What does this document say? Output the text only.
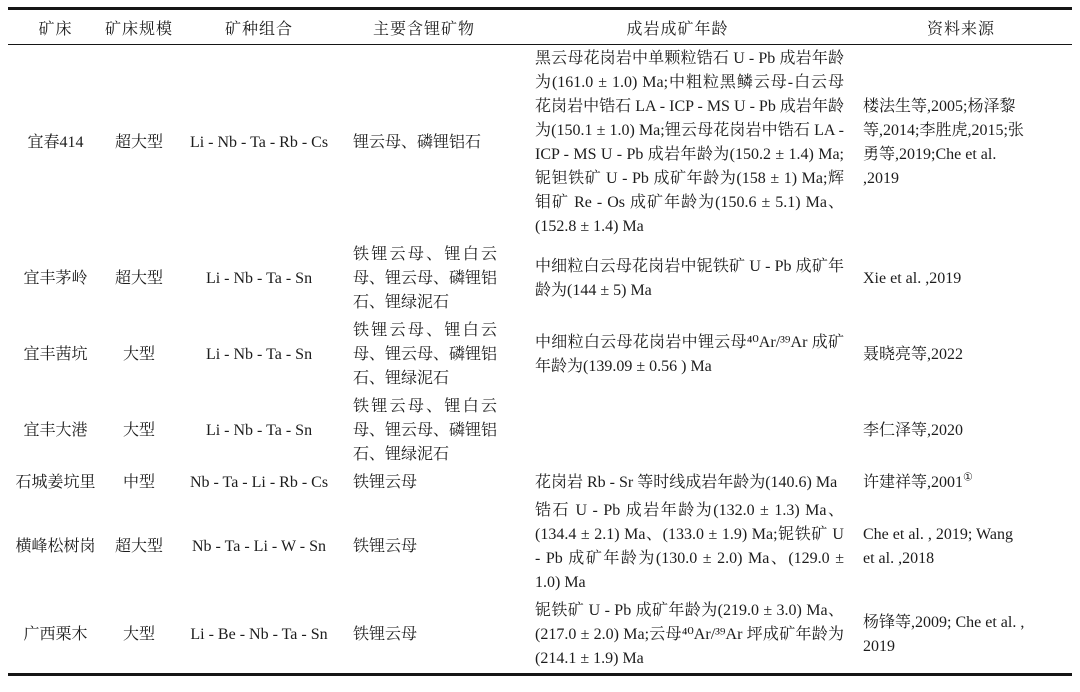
矿床	矿床规模	矿种组合	主要含锂矿物	成岩成矿年龄	资料来源
宜春414	超大型	Li - Nb - Ta - Rb - Cs	锂云母、磷锂铝石	黑云母花岗岩中单颗粒锆石 U - Pb 成岩年龄为(161.0 ± 1.0) Ma;中粗粒黑鳞云母-白云母花岗岩中锆石 LA - ICP - MS U - Pb 成岩年龄为(150.1 ± 1.0) Ma;锂云母花岗岩中锆石 LA - ICP - MS U - Pb 成岩年龄为(150.2 ± 1.4) Ma;铌钽铁矿 U - Pb 成矿年龄为(158 ± 1) Ma;辉钼矿 Re - Os 成矿年龄为(150.6 ± 5.1) Ma、(152.8 ± 1.4) Ma	楼法生等,2005;杨泽黎等,2014;李胜虎,2015;张勇等,2019;Che et al. ,2019
宜丰茅岭	超大型	Li - Nb - Ta - Sn	铁锂云母、锂白云母、锂云母、磷锂铝石、锂绿泥石	中细粒白云母花岗岩中铌铁矿 U - Pb 成矿年龄为(144 ± 5) Ma	Xie et al. ,2019
宜丰茜坑	大型	Li - Nb - Ta - Sn	铁锂云母、锂白云母、锂云母、磷锂铝石、锂绿泥石	中细粒白云母花岗岩中锂云母⁴⁰Ar/³⁹Ar 成矿年龄为(139.09 ± 0.56 ) Ma	聂晓亮等,2022
宜丰大港	大型	Li - Nb - Ta - Sn	铁锂云母、锂白云母、锂云母、磷锂铝石、锂绿泥石		李仁泽等,2020
石城姜坑里	中型	Nb - Ta - Li - Rb - Cs	铁锂云母	花岗岩 Rb - Sr 等时线成岩年龄为(140.6) Ma	许建祥等,2001①
横峰松树岗	超大型	Nb - Ta - Li - W - Sn	铁锂云母	锆石 U - Pb 成岩年龄为(132.0 ± 1.3) Ma、(134.4 ± 2.1) Ma、(133.0 ± 1.9) Ma;铌铁矿 U - Pb 成矿年龄为(130.0 ± 2.0) Ma、(129.0 ± 1.0) Ma	Che et al. , 2019; Wang et al. ,2018
广西栗木	大型	Li - Be - Nb - Ta - Sn	铁锂云母	铌铁矿 U - Pb 成矿年龄为(219.0 ± 3.0) Ma、(217.0 ± 2.0) Ma;云母⁴⁰Ar/³⁹Ar 坪成矿年龄为(214.1 ± 1.9) Ma	杨锋等,2009; Che et al. , 2019
